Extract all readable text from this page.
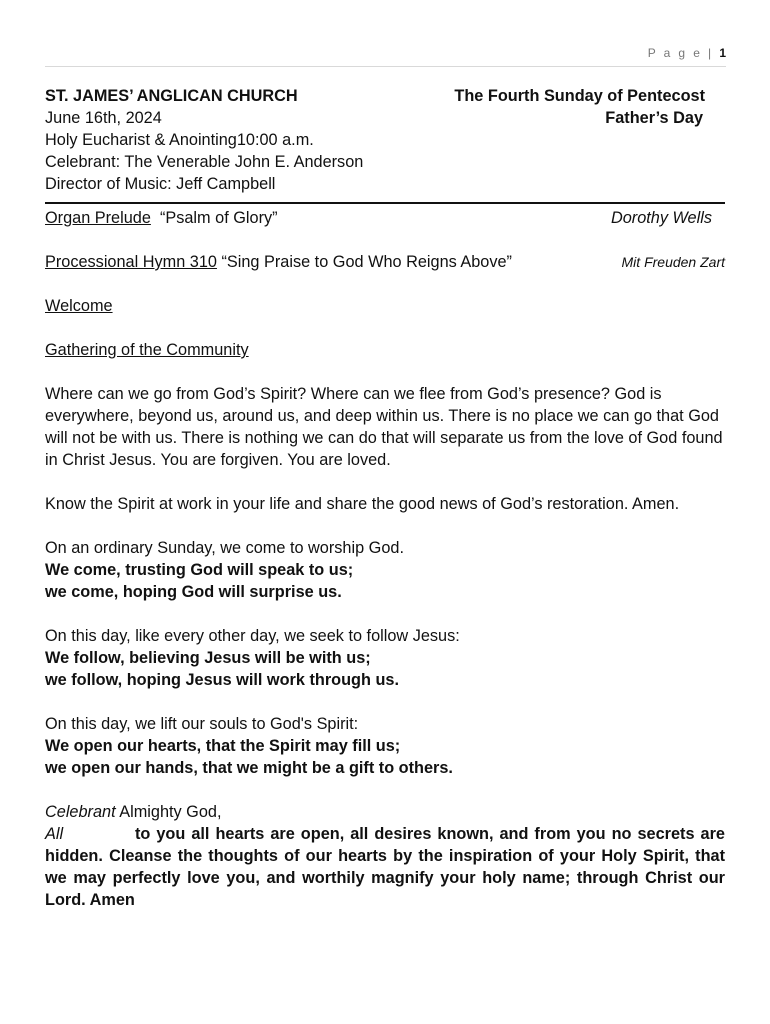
P a g e | 1
ST. JAMES’ ANGLICAN CHURCH	The Fourth Sunday of Pentecost
June 16th, 2024	Father’s Day
Holy Eucharist & Anointing10:00 a.m.
Celebrant: The Venerable John E. Anderson
Director of Music: Jeff Campbell
Organ Prelude  “Psalm of Glory”	Dorothy Wells
Processional Hymn 310 “Sing Praise to God Who Reigns Above”	Mit Freuden Zart
Welcome
Gathering of the Community
Where can we go from God’s Spirit? Where can we flee from God’s presence? God is everywhere, beyond us, around us, and deep within us. There is no place we can go that God will not be with us. There is nothing we can do that will separate us from the love of God found in Christ Jesus. You are forgiven. You are loved.
Know the Spirit at work in your life and share the good news of God’s restoration. Amen.
On an ordinary Sunday, we come to worship God.
We come, trusting God will speak to us;
we come, hoping God will surprise us.
On this day, like every other day, we seek to follow Jesus:
We follow, believing Jesus will be with us;
we follow, hoping Jesus will work through us.
On this day, we lift our souls to God's Spirit:
We open our hearts, that the Spirit may fill us;
we open our hands, that we might be a gift to others.
Celebrant Almighty God,
All	to you all hearts are open, all desires known, and from you no secrets are hidden. Cleanse the thoughts of our hearts by the inspiration of your Holy Spirit, that we may perfectly love you, and worthily magnify your holy name; through Christ our Lord. Amen
